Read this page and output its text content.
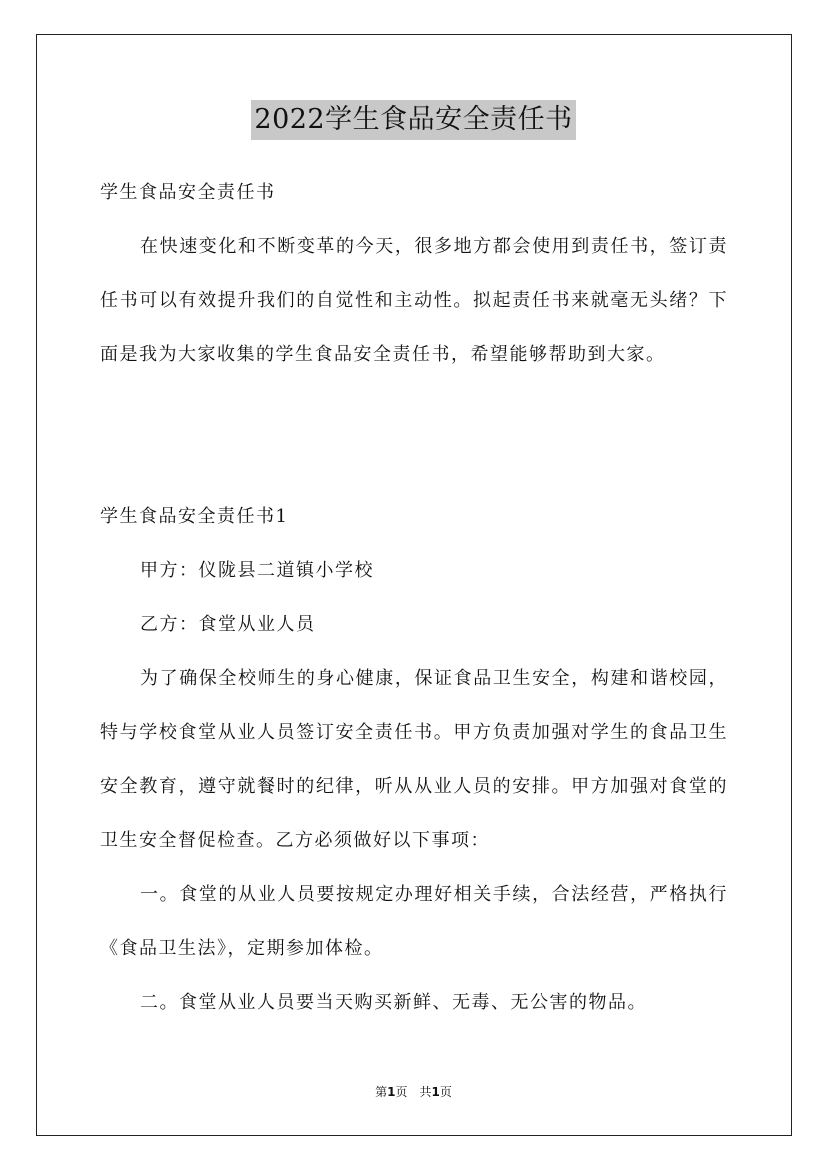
2022学生食品安全责任书
学生食品安全责任书
在快速变化和不断变革的今天，很多地方都会使用到责任书，签订责任书可以有效提升我们的自觉性和主动性。拟起责任书来就毫无头绪？下面是我为大家收集的学生食品安全责任书，希望能够帮助到大家。
学生食品安全责任书1
甲方：仪陇县二道镇小学校
乙方：食堂从业人员
为了确保全校师生的身心健康，保证食品卫生安全，构建和谐校园，特与学校食堂从业人员签订安全责任书。甲方负责加强对学生的食品卫生安全教育，遵守就餐时的纪律，听从从业人员的安排。甲方加强对食堂的卫生安全督促检查。乙方必须做好以下事项：
一。食堂的从业人员要按规定办理好相关手续，合法经营，严格执行《食品卫生法》，定期参加体检。
二。食堂从业人员要当天购买新鲜、无毒、无公害的物品。
第1页 共1页
